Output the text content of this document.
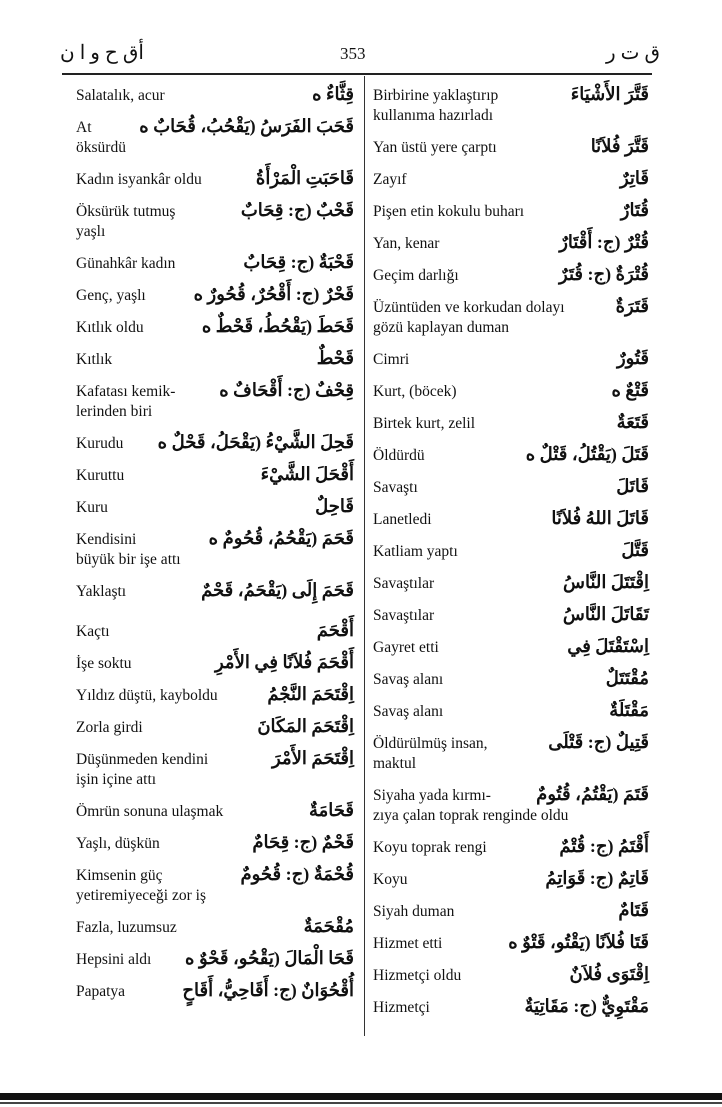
أق ح و ا ن	353	ق ت ر
Salatalık, acur	قِثَّاءٌ ه
At	قَحَبَ الفَرَسُ (يَقْحُبُ، قُحَابٌ ه
öksürdü
Kadın isyankâr oldu	قَاحَبَتِ الْمَرْأَةُ
Öksürük tutmuş	قَحْبٌ (ج: قِحَابٌ
yaşlı
Günahkâr kadın	قَحْبَةٌ (ج: قِحَابٌ
Genç, yaşlı	قَحْرٌ (ج: أَقْحُرٌ، قُحُورٌ ه
Kıtlık oldu	قَحَطَ (يَقْحُطُ، قَحْطٌ ه
Kıtlık	قَحْطٌ
Kafatası kemik- قِحْفٌ (ج: أَقْحَافٌ ه
lerinden biri
Kurudu قَحِلَ الشَّيْءُ (يَقْحَلُ، قَحْلٌ ه
Kuruttu	أَقْحَلَ الشَّيْءَ
Kuru	قَاحِلٌ
Kendisini	قَحَمَ (يَقْحُمُ، قُحُومٌ ه
büyük bir işe attı
Yaklaştı	قَحَمَ إِلَى (يَقْحَمُ، قَحْمٌ
Kaçtı	أَقْحَمَ
İşe soktu	أَقْحَمَ فُلاَنًا فِي الأَمْرِ
Yıldız düştü, kayboldu	اِقْتَحَمَ النَّجْمُ
Zorla girdi	اِقْتَحَمَ المَكَانَ
Düşünmeden kendini	اِقْتَحَمَ الأَمْرَ
işin içine attı
Ömrün sonuna ulaşmak	قَحَامَةٌ
Yaşlı, düşkün	قَحْمٌ (ج: قِحَامٌ
Kimsenin güç	قُحْمَةٌ (ج: قُحُومٌ
yetiremiyeceği zor iş
Fazla, luzumsuz	مُقْحَمَةٌ
Hepsini aldı قَحَا الْمَالَ (يَقْحُو، قَحْوٌ ه
Papatya	أُقْحُوَانٌ (ج: أَقَاحِيُّ، أَقَاحٍ
Birbirine yaklaştırıp	قَتَّرَ الأَشْيَاءَ
kullanıma hazırladı
Yan üstü yere çarptı	قَتَّرَ فُلاَنًا
Zayıf	قَاتِرٌ
Pişen etin kokulu buharı	قُتَارٌ
Yan, kenar	قُتْرٌ (ج: أَقْتَارٌ
Geçim darlığı	قُتْرَةٌ (ج: قُتَرٌ
Üzüntüden ve korkudan dolayı	قَتَرَةٌ
gözü kaplayan duman
Cimri	قَتُورٌ
Kurt, (böcek)	قَتْعٌ ه
Birtek kurt, zelil	قَتَعَةٌ
Öldürdü	قَتَلَ (يَقْتُلُ، قَتْلٌ ه
Savaştı	قَاتَلَ
Lanetledi	قَاتَلَ اللهُ فُلاَنًا
Katliam yaptı	قَتَّلَ
Savaştılar	اِقْتَتَلَ النَّاسُ
Savaştılar	تَقَاتَلَ النَّاسُ
Gayret etti	اِسْتَقْتَلَ فِي
Savaş alanı	مُقْتَتَلٌ
Savaş alanı	مَقْتَلَةٌ
Öldürülmüş insan,	قَتِيلٌ (ج: قَتْلَى
maktul
Siyaha yada kırmı-	قَتَمَ (يَقْتُمُ، قُتُومٌ
zıya çalan toprak renginde oldu
Koyu toprak rengi	أَقْتَمُ (ج: قُتْمٌ
Koyu	قَاتِمٌ (ج: قَوَاتِمُ
Siyah duman	قَتَامٌ
Hizmet etti	قَتَا فُلاَنًا (يَقْتُو، قَتْوٌ ه
Hizmetçi oldu	اِقْتَوَى فُلاَنٌ
Hizmetçi	مَقْتَوِيٌّ (ج: مَقَاتِيَةٌ
